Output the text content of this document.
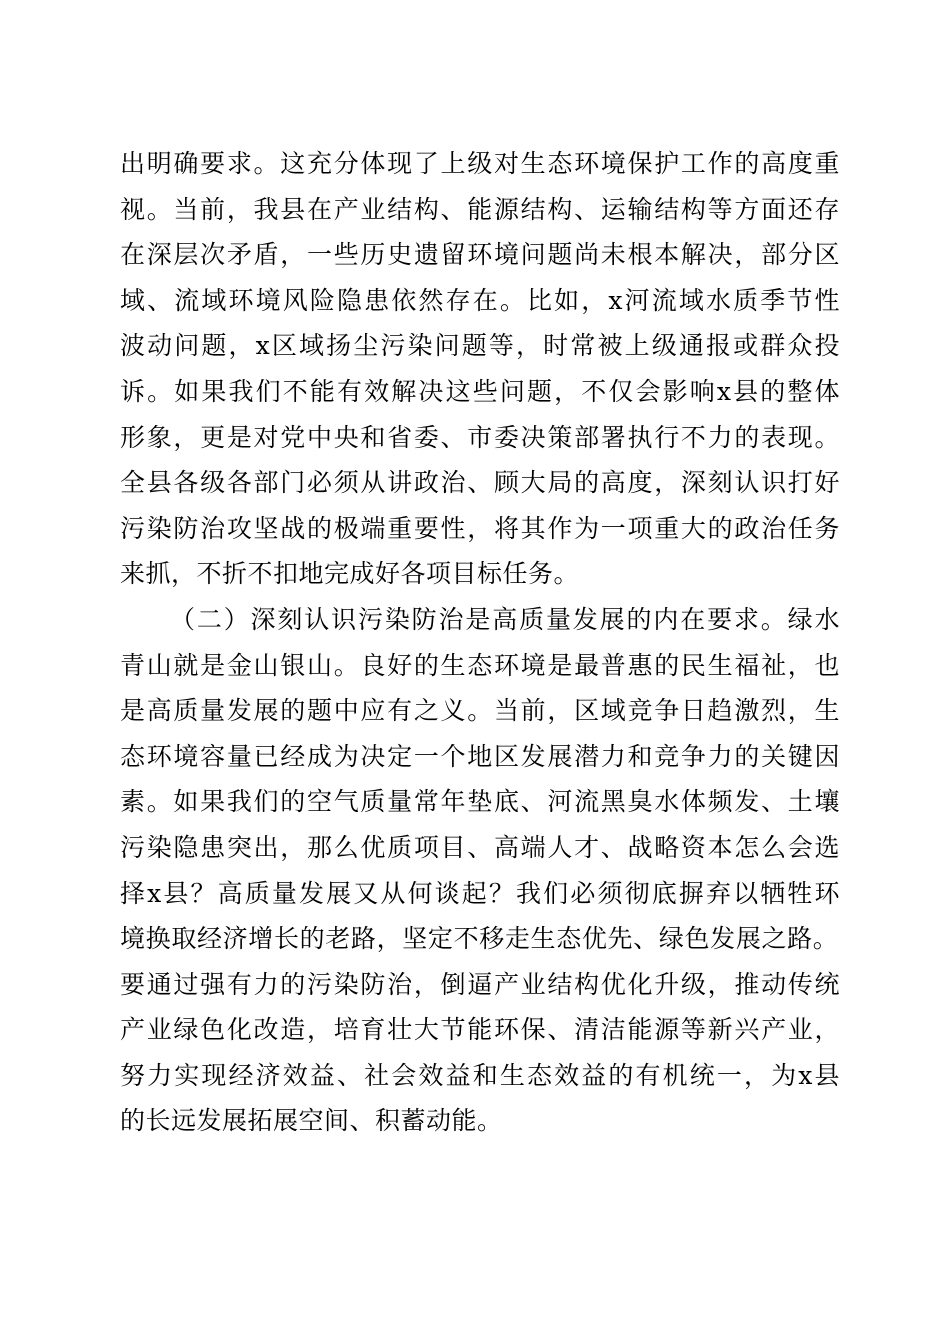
出明确要求。这充分体现了上级对生态环境保护工作的高度重
视。当前，我县在产业结构、能源结构、运输结构等方面还存
在深层次矛盾，一些历史遗留环境问题尚未根本解决，部分区
域、流域环境风险隐患依然存在。比如，x河流域水质季节性
波动问题，x区域扬尘污染问题等，时常被上级通报或群众投
诉。如果我们不能有效解决这些问题，不仅会影响x县的整体
形象，更是对党中央和省委、市委决策部署执行不力的表现。
全县各级各部门必须从讲政治、顾大局的高度，深刻认识打好
污染防治攻坚战的极端重要性，将其作为一项重大的政治任务
来抓，不折不扣地完成好各项目标任务。
（二）深刻认识污染防治是高质量发展的内在要求。绿水
青山就是金山银山。良好的生态环境是最普惠的民生福祉，也
是高质量发展的题中应有之义。当前，区域竞争日趋激烈，生
态环境容量已经成为决定一个地区发展潜力和竞争力的关键因
素。如果我们的空气质量常年垫底、河流黑臭水体频发、土壤
污染隐患突出，那么优质项目、高端人才、战略资本怎么会选
择x县？高质量发展又从何谈起？我们必须彻底摒弃以牺牲环
境换取经济增长的老路，坚定不移走生态优先、绿色发展之路。
要通过强有力的污染防治，倒逼产业结构优化升级，推动传统
产业绿色化改造，培育壮大节能环保、清洁能源等新兴产业，
努力实现经济效益、社会效益和生态效益的有机统一，为x县
的长远发展拓展空间、积蓄动能。
